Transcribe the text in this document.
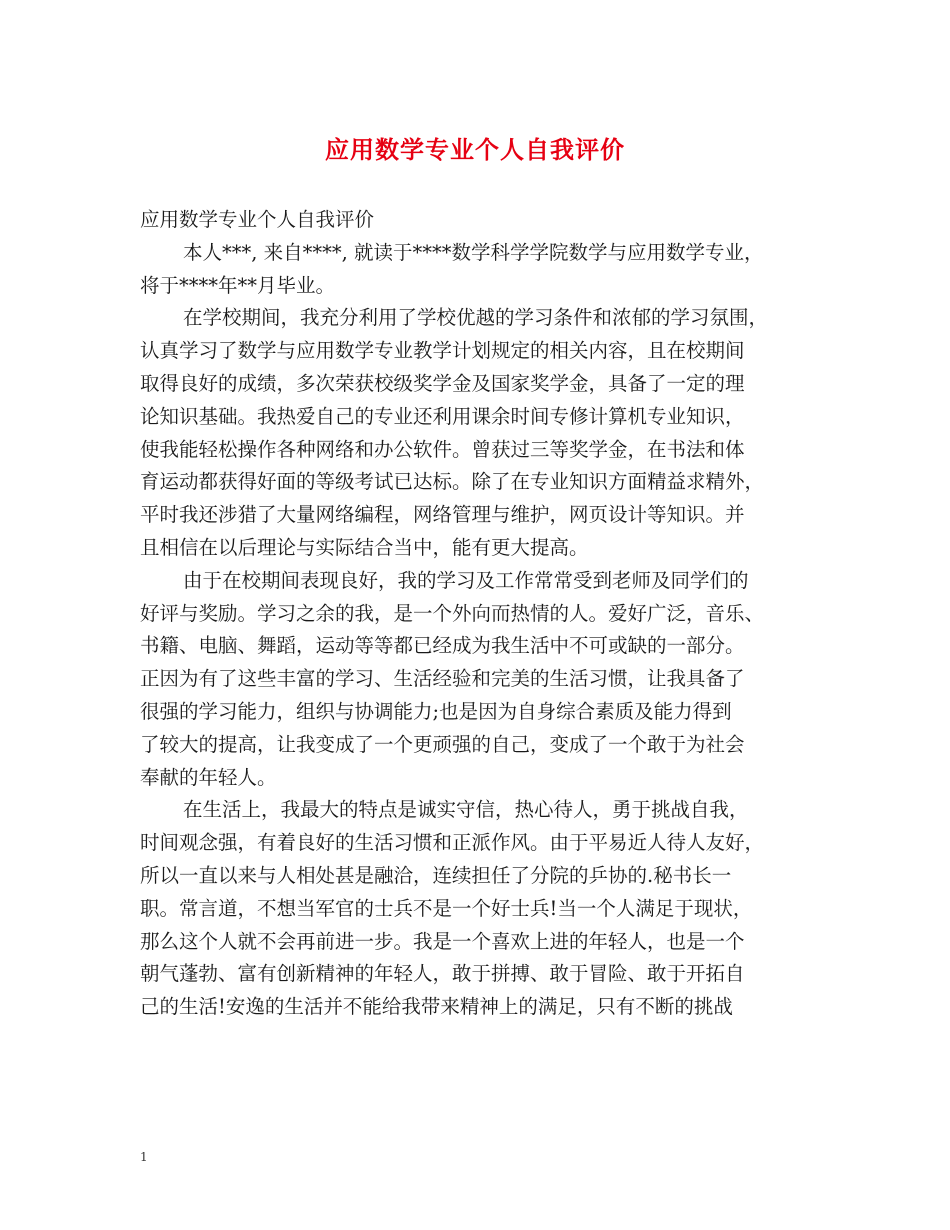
应用数学专业个人自我评价
应用数学专业个人自我评价
本人***, 来自****, 就读于****数学科学学院数学与应用数学专业，
将于****年**月毕业。
在学校期间，我充分利用了学校优越的学习条件和浓郁的学习氛围，
认真学习了数学与应用数学专业教学计划规定的相关内容，且在校期间
取得良好的成绩，多次荣获校级奖学金及国家奖学金，具备了一定的理
论知识基础。我热爱自己的专业还利用课余时间专修计算机专业知识，
使我能轻松操作各种网络和办公软件。曾获过三等奖学金，在书法和体
育运动都获得好面的等级考试已达标。除了在专业知识方面精益求精外，
平时我还涉猎了大量网络编程，网络管理与维护，网页设计等知识。并
且相信在以后理论与实际结合当中，能有更大提高。
由于在校期间表现良好，我的学习及工作常常受到老师及同学们的
好评与奖励。学习之余的我，是一个外向而热情的人。爱好广泛，音乐、
书籍、电脑、舞蹈，运动等等都已经成为我生活中不可或缺的一部分。
正因为有了这些丰富的学习、生活经验和完美的生活习惯，让我具备了
很强的学习能力，组织与协调能力;也是因为自身综合素质及能力得到
了较大的提高，让我变成了一个更顽强的自己，变成了一个敢于为社会
奉献的年轻人。
在生活上，我最大的特点是诚实守信，热心待人，勇于挑战自我，
时间观念强，有着良好的生活习惯和正派作风。由于平易近人待人友好，
所以一直以来与人相处甚是融洽，连续担任了分院的乒协的.秘书长一
职。常言道，不想当军官的士兵不是一个好士兵!当一个人满足于现状，
那么这个人就不会再前进一步。我是一个喜欢上进的年轻人，也是一个
朝气蓬勃、富有创新精神的年轻人，敢于拼搏、敢于冒险、敢于开拓自
己的生活!安逸的生活并不能给我带来精神上的满足，只有不断的挑战
1
